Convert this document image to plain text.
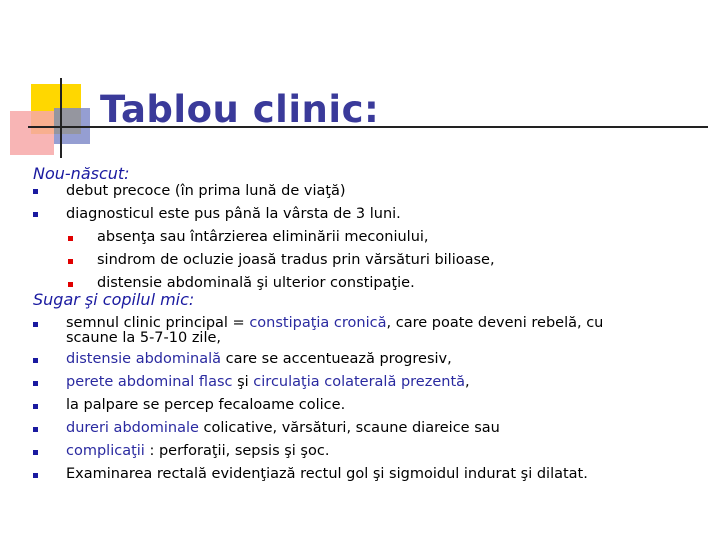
Tablou clinic:

Nou-născut:

debut precoce (în prima lună de viaţă)

diagnosticul este pus până la vârsta de 3 luni.

absenţa sau întârzierea eliminării meconiului,

sindrom de ocluzie joasă tradus prin vărsături bilioase,

distensie abdominală şi ulterior constipaţie.

Sugar şi copilul mic:

semnul clinic principal = constipaţia cronică, care poate deveni rebelă, cu

scaune la 5-7-10 zile,

distensie abdominală care se accentuează progresiv,

perete abdominal flasc şi circulaţia colaterală prezentă,

la palpare se percep fecaloame colice.

dureri abdominale colicative, vărsături, scaune diareice sau

complicaţii : perforaţii, sepsis şi şoc.

Examinarea rectală evidenţiază rectul gol şi sigmoidul indurat şi dilatat.
